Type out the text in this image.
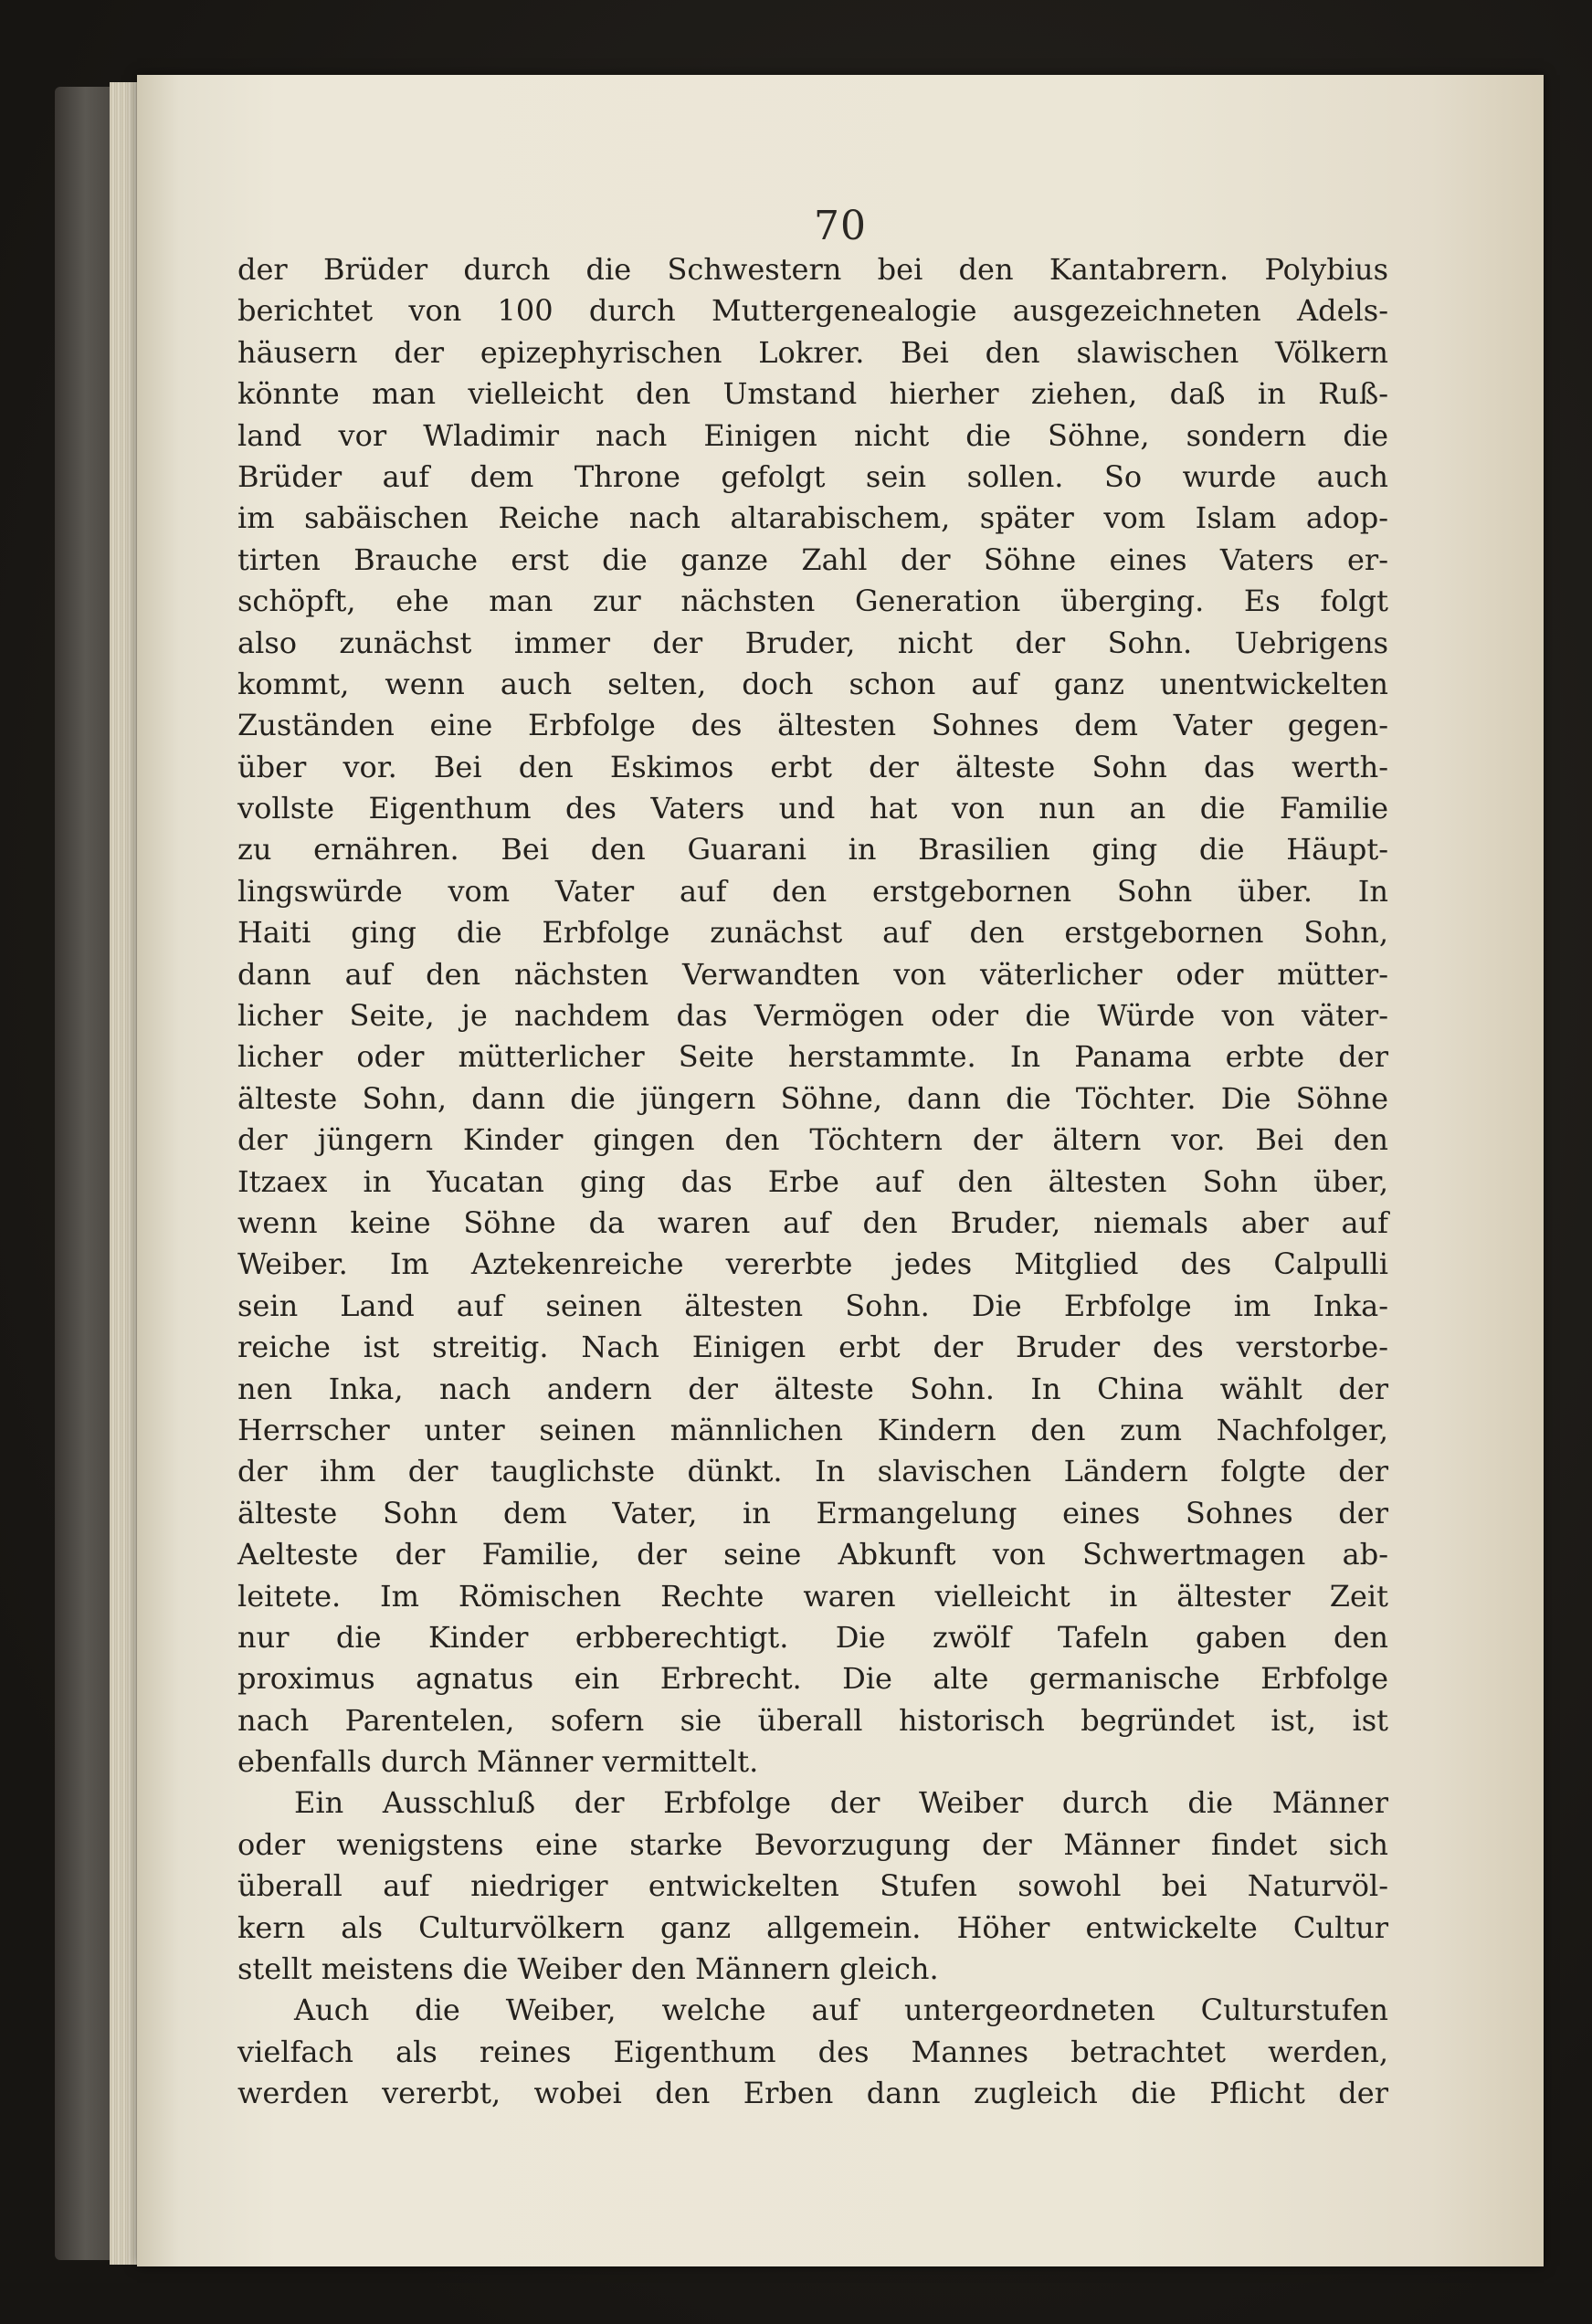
70
der Brüder durch die Schwestern bei den Kantabrern. Polybius
berichtet von 100 durch Muttergenealogie ausgezeichneten Adels-
häusern der epizephyrischen Lokrer. Bei den slawischen Völkern
könnte man vielleicht den Umstand hierher ziehen, daß in Ruß-
land vor Wladimir nach Einigen nicht die Söhne, sondern die
Brüder auf dem Throne gefolgt sein sollen. So wurde auch
im sabäischen Reiche nach altarabischem, später vom Islam adop-
tirten Brauche erst die ganze Zahl der Söhne eines Vaters er-
schöpft, ehe man zur nächsten Generation überging. Es folgt
also zunächst immer der Bruder, nicht der Sohn. Uebrigens
kommt, wenn auch selten, doch schon auf ganz unentwickelten
Zuständen eine Erbfolge des ältesten Sohnes dem Vater gegen-
über vor. Bei den Eskimos erbt der älteste Sohn das werth-
vollste Eigenthum des Vaters und hat von nun an die Familie
zu ernähren. Bei den Guarani in Brasilien ging die Häupt-
lingswürde vom Vater auf den erstgebornen Sohn über. In
Haiti ging die Erbfolge zunächst auf den erstgebornen Sohn,
dann auf den nächsten Verwandten von väterlicher oder mütter-
licher Seite, je nachdem das Vermögen oder die Würde von väter-
licher oder mütterlicher Seite herstammte. In Panama erbte der
älteste Sohn, dann die jüngern Söhne, dann die Töchter. Die Söhne
der jüngern Kinder gingen den Töchtern der ältern vor. Bei den
Itzaex in Yucatan ging das Erbe auf den ältesten Sohn über,
wenn keine Söhne da waren auf den Bruder, niemals aber auf
Weiber. Im Aztekenreiche vererbte jedes Mitglied des Calpulli
sein Land auf seinen ältesten Sohn. Die Erbfolge im Inka-
reiche ist streitig. Nach Einigen erbt der Bruder des verstorbe-
nen Inka, nach andern der älteste Sohn. In China wählt der
Herrscher unter seinen männlichen Kindern den zum Nachfolger,
der ihm der tauglichste dünkt. In slavischen Ländern folgte der
älteste Sohn dem Vater, in Ermangelung eines Sohnes der
Aelteste der Familie, der seine Abkunft von Schwertmagen ab-
leitete. Im Römischen Rechte waren vielleicht in ältester Zeit
nur die Kinder erbberechtigt. Die zwölf Tafeln gaben den
proximus agnatus ein Erbrecht. Die alte germanische Erbfolge
nach Parentelen, sofern sie überall historisch begründet ist, ist
ebenfalls durch Männer vermittelt.
Ein Ausschluß der Erbfolge der Weiber durch die Männer
oder wenigstens eine starke Bevorzugung der Männer findet sich
überall auf niedriger entwickelten Stufen sowohl bei Naturvöl-
kern als Culturvölkern ganz allgemein. Höher entwickelte Cultur
stellt meistens die Weiber den Männern gleich.
Auch die Weiber, welche auf untergeordneten Culturstufen
vielfach als reines Eigenthum des Mannes betrachtet werden,
werden vererbt, wobei den Erben dann zugleich die Pflicht der
